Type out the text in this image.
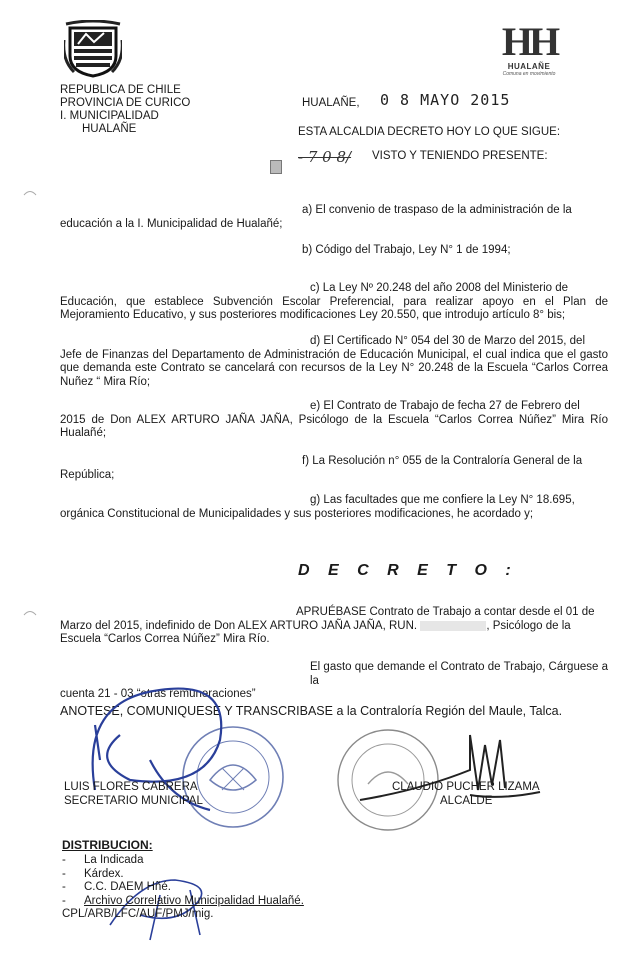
HH
HUALAÑE
Comuna en movimiento
REPUBLICA DE CHILE
PROVINCIA DE CURICO
I. MUNICIPALIDAD
HUALAÑE
HUALAÑE, 0 8 MAYO 2015
ESTA ALCALDIA DECRETO HOY LO QUE SIGUE:
- 7 0 8/ VISTO Y TENIENDO PRESENTE:
a) El convenio de traspaso de la administración de la
educación a la I. Municipalidad de Hualañé;
b) Código del Trabajo, Ley N° 1 de 1994;
c) La Ley Nº 20.248 del año 2008 del Ministerio de
Educación, que establece Subvención Escolar Preferencial, para realizar apoyo en el Plan de Mejoramiento Educativo, y sus posteriores modificaciones Ley 20.550, que introdujo artículo 8° bis;
d) El Certificado N° 054 del 30 de Marzo del 2015, del
Jefe de Finanzas del Departamento de Administración de Educación Municipal, el cual indica que el gasto que demanda este Contrato se cancelará con recursos de la Ley N° 20.248 de la Escuela “Carlos Correa Nuñez “ Mira Río;
e) El Contrato de Trabajo de fecha 27 de Febrero del
2015 de Don ALEX ARTURO JAÑA JAÑA, Psicólogo de la Escuela “Carlos Correa Núñez” Mira Río Hualañé;
f) La Resolución n° 055 de la Contraloría General de la
República;
g) Las facultades que me confiere la Ley N° 18.695,
orgánica Constitucional de Municipalidades y sus posteriores modificaciones, he acordado y;
D E C R E T O :
APRUÉBASE Contrato de Trabajo a contar desde el 01 de
Marzo del 2015, indefinido de Don ALEX ARTURO JAÑA JAÑA, RUN.	, Psicólogo de la
Escuela “Carlos Correa Núñez” Mira Río.
El gasto que demande el Contrato de Trabajo, Cárguese a la
cuenta 21 - 03 “otras remuneraciones”
ANOTESE, COMUNIQUESE Y TRANSCRIBASE a la Contraloría Región del Maule, Talca.
LUIS FLORES CABRERA
SECRETARIO MUNICIPAL
CLAUDIO PUCHER LIZAMA
ALCALDE
DISTRIBUCION:
- La Indicada
- Kárdex.
- C.C. DAEM Hñé.
- Archivo Correlativo Municipalidad Hualañé.
CPL/ARB/LFC/AUF/PMJ/mig.
